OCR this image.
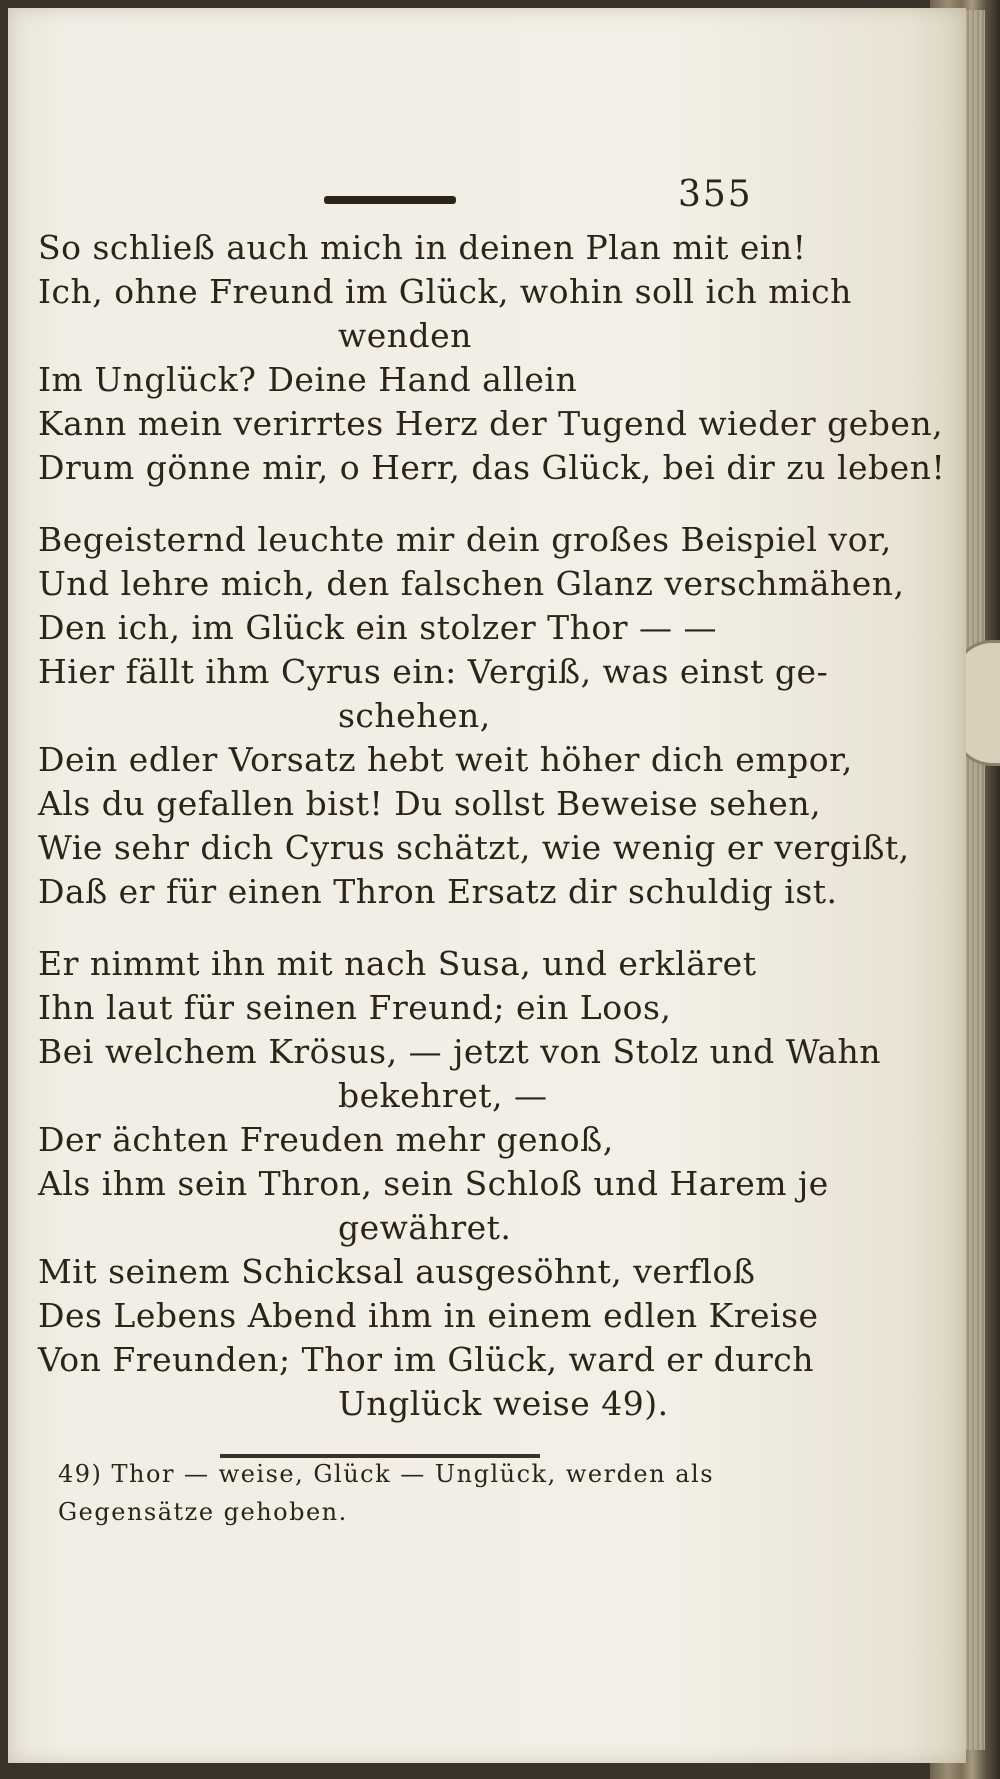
355
So schließ auch mich in deinen Plan mit ein!
Ich, ohne Freund im Glück, wohin soll ich mich
wenden
Im Unglück? Deine Hand allein
Kann mein verirrtes Herz der Tugend wieder geben,
Drum gönne mir, o Herr, das Glück, bei dir zu leben!
Begeisternd leuchte mir dein großes Beispiel vor,
Und lehre mich, den falschen Glanz verschmähen,
Den ich, im Glück ein stolzer Thor — —
Hier fällt ihm Cyrus ein: Vergiß, was einst ge-
schehen,
Dein edler Vorsatz hebt weit höher dich empor,
Als du gefallen bist! Du sollst Beweise sehen,
Wie sehr dich Cyrus schätzt, wie wenig er vergißt,
Daß er für einen Thron Ersatz dir schuldig ist.
Er nimmt ihn mit nach Susa, und erkläret
Ihn laut für seinen Freund; ein Loos,
Bei welchem Krösus, — jetzt von Stolz und Wahn
bekehret, —
Der ächten Freuden mehr genoß,
Als ihm sein Thron, sein Schloß und Harem je
gewähret.
Mit seinem Schicksal ausgesöhnt, verfloß
Des Lebens Abend ihm in einem edlen Kreise
Von Freunden; Thor im Glück, ward er durch
Unglück weise 49).
49) Thor — weise, Glück — Unglück, werden als
Gegensätze gehoben.
